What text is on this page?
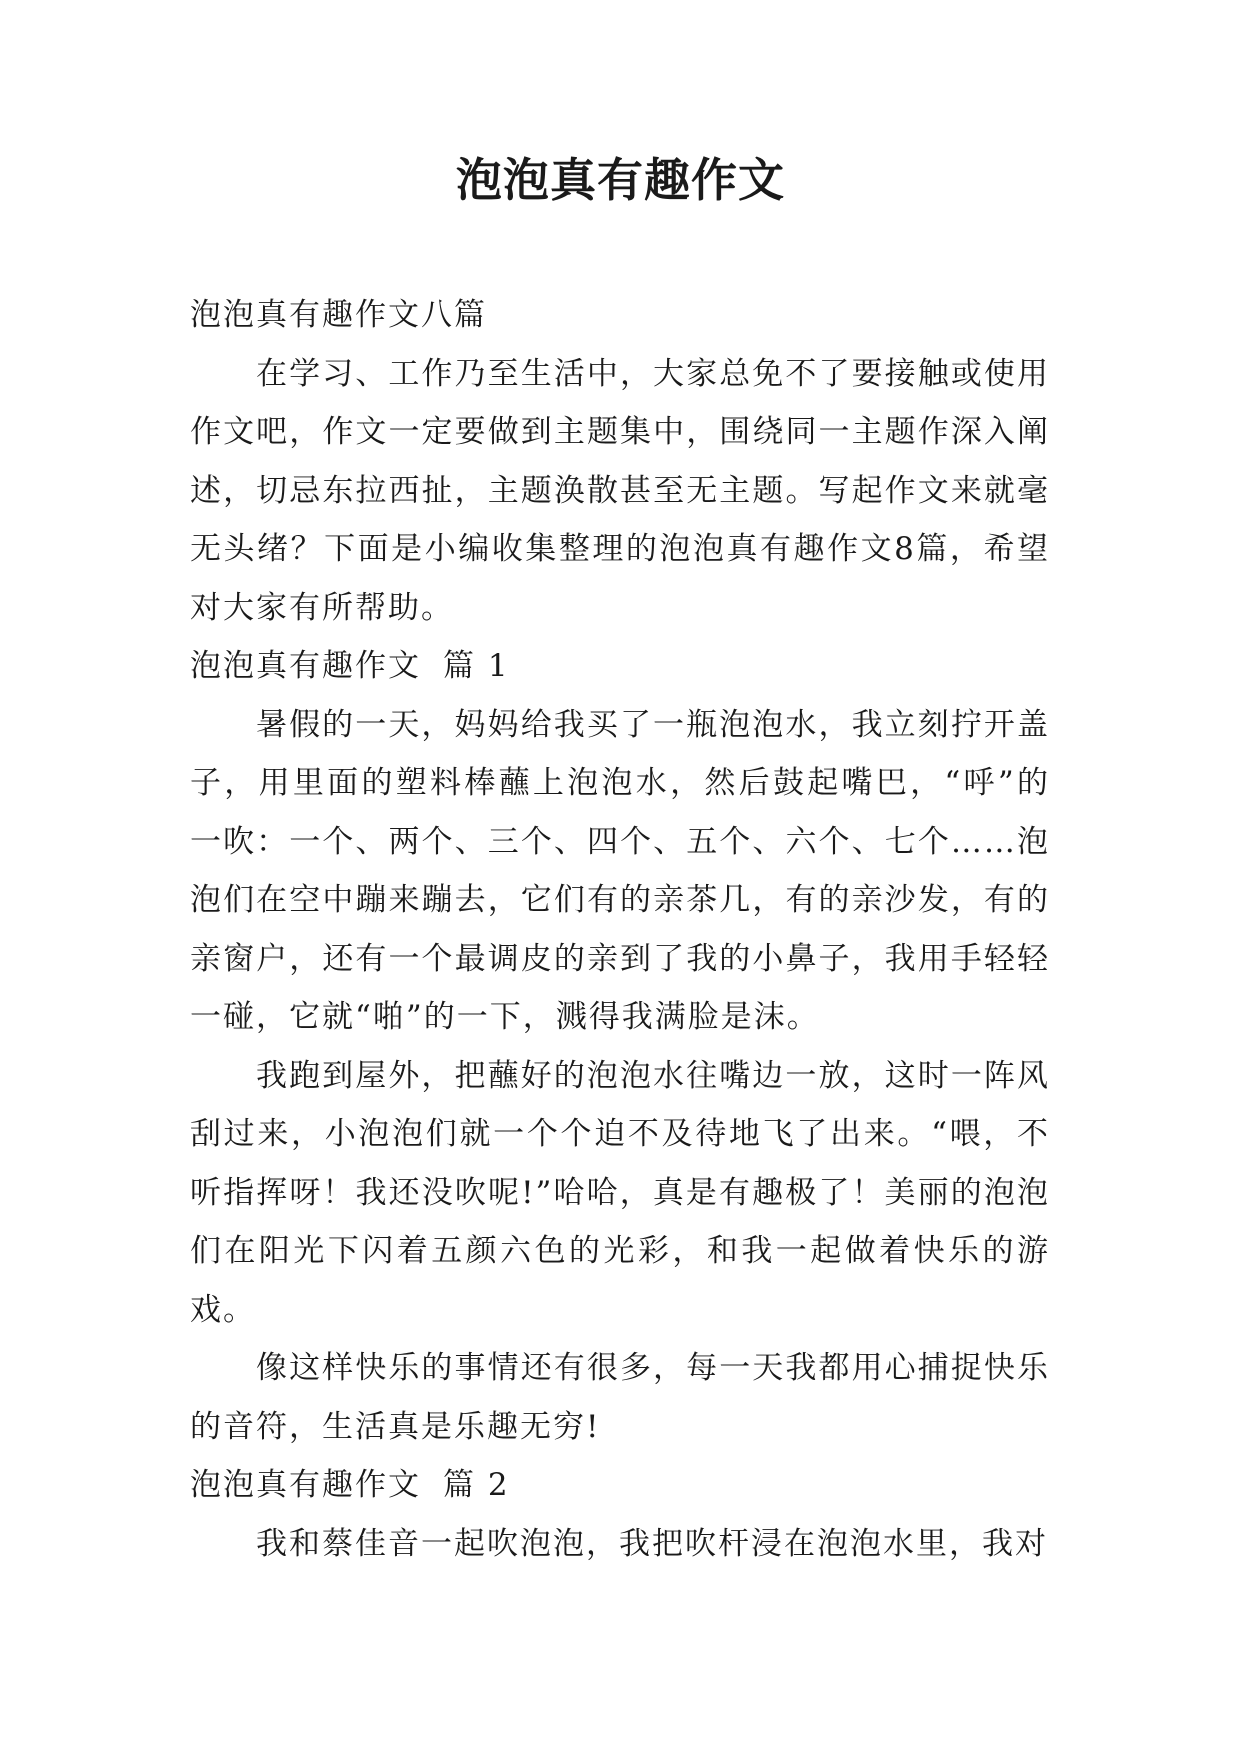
泡泡真有趣作文

泡泡真有趣作文八篇

在学习、工作乃至生活中，大家总免不了要接触或使用作文吧，作文一定要做到主题集中，围绕同一主题作深入阐述，切忌东拉西扯，主题涣散甚至无主题。写起作文来就毫无头绪？下面是小编收集整理的泡泡真有趣作文8篇，希望对大家有所帮助。

泡泡真有趣作文 篇 1

暑假的一天，妈妈给我买了一瓶泡泡水，我立刻拧开盖子，用里面的塑料棒蘸上泡泡水，然后鼓起嘴巴，“呼”的一吹：一个、两个、三个、四个、五个、六个、七个……泡泡们在空中蹦来蹦去，它们有的亲茶几，有的亲沙发，有的亲窗户，还有一个最调皮的亲到了我的小鼻子，我用手轻轻一碰，它就“啪”的一下，溅得我满脸是沫。

我跑到屋外，把蘸好的泡泡水往嘴边一放，这时一阵风刮过来，小泡泡们就一个个迫不及待地飞了出来。“喂，不听指挥呀！我还没吹呢!”哈哈，真是有趣极了！美丽的泡泡们在阳光下闪着五颜六色的光彩，和我一起做着快乐的游戏。

像这样快乐的事情还有很多，每一天我都用心捕捉快乐的音符，生活真是乐趣无穷!

泡泡真有趣作文 篇 2

我和蔡佳音一起吹泡泡，我把吹杆浸在泡泡水里，我对
